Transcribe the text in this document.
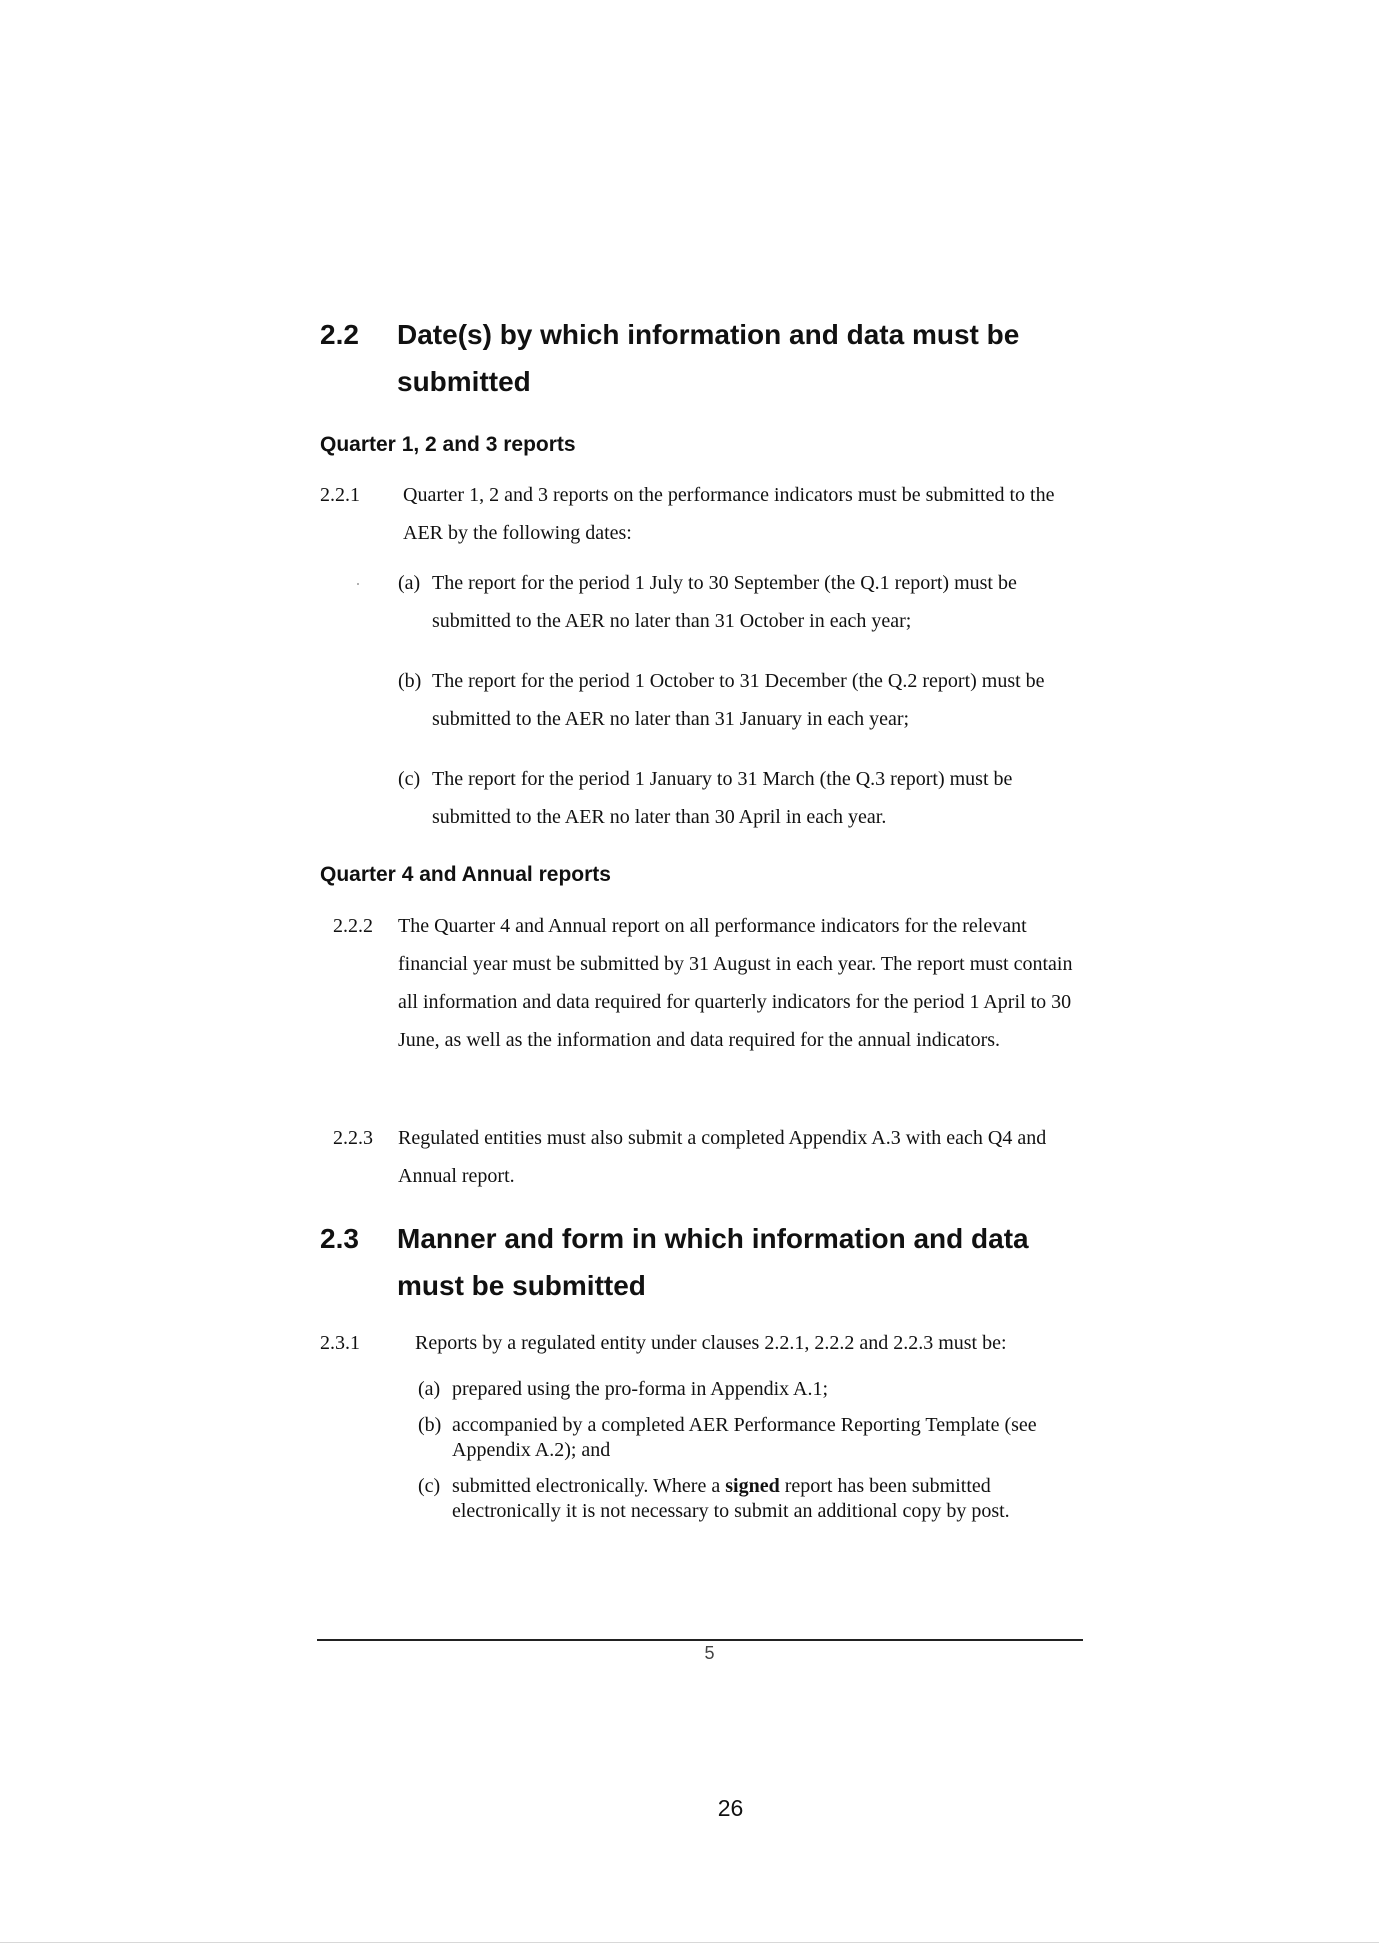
2.2 Date(s) by which information and data must be submitted
Quarter 1, 2 and 3 reports
2.2.1 Quarter 1, 2 and 3 reports on the performance indicators must be submitted to the AER by the following dates:
(a) The report for the period 1 July to 30 September (the Q.1 report) must be submitted to the AER no later than 31 October in each year;
(b) The report for the period 1 October to 31 December (the Q.2 report) must be submitted to the AER no later than 31 January in each year;
(c) The report for the period 1 January to 31 March (the Q.3 report) must be submitted to the AER no later than 30 April in each year.
Quarter 4 and Annual reports
2.2.2 The Quarter 4 and Annual report on all performance indicators for the relevant financial year must be submitted by 31 August in each year. The report must contain all information and data required for quarterly indicators for the period 1 April to 30 June, as well as the information and data required for the annual indicators.
2.2.3 Regulated entities must also submit a completed Appendix A.3 with each Q4 and Annual report.
2.3 Manner and form in which information and data must be submitted
2.3.1	Reports by a regulated entity under clauses 2.2.1, 2.2.2 and 2.2.3 must be:
(a) prepared using the pro-forma in Appendix A.1;
(b) accompanied by a completed AER Performance Reporting Template (see Appendix A.2); and
(c) submitted electronically. Where a signed report has been submitted electronically it is not necessary to submit an additional copy by post.
5
26
